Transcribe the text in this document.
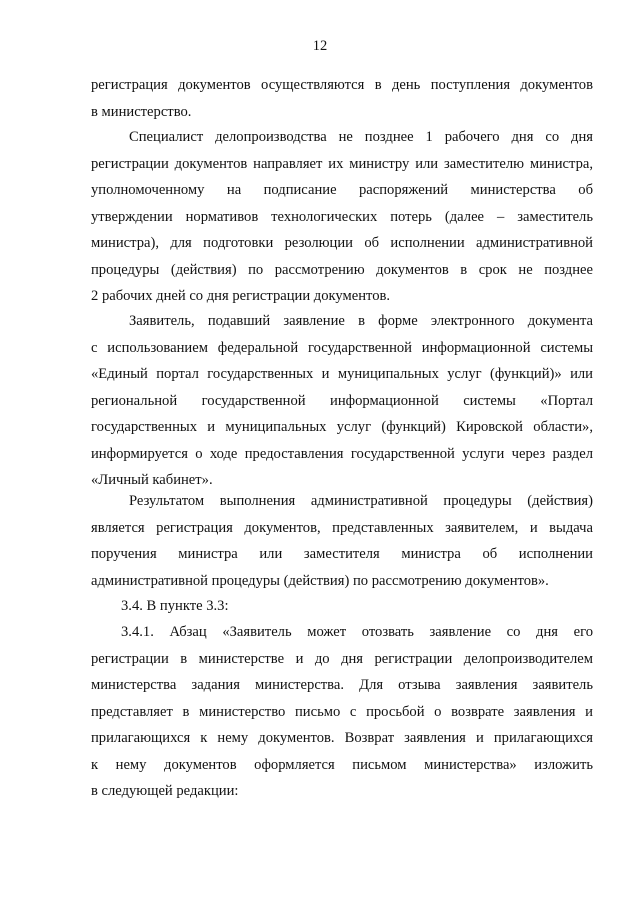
12
регистрация документов осуществляются в день поступления документов
в министерство.
Специалист делопроизводства не позднее 1 рабочего дня со дня
регистрации документов направляет их министру или заместителю министра,
уполномоченному на подписание распоряжений министерства об
утверждении нормативов технологических потерь (далее – заместитель
министра), для подготовки резолюции об исполнении административной
процедуры (действия) по рассмотрению документов в срок не позднее
2 рабочих дней со дня регистрации документов.
Заявитель, подавший заявление в форме электронного документа
с использованием федеральной государственной информационной системы
«Единый портал государственных и муниципальных услуг (функций)» или
региональной государственной информационной системы «Портал
государственных и муниципальных услуг (функций) Кировской области»,
информируется о ходе предоставления государственной услуги через раздел
«Личный кабинет».
Результатом выполнения административной процедуры (действия)
является регистрация документов, представленных заявителем, и выдача
поручения министра или заместителя министра об исполнении
административной процедуры (действия) по рассмотрению документов».
3.4. В пункте 3.3:
3.4.1. Абзац «Заявитель может отозвать заявление со дня его
регистрации в министерстве и до дня регистрации делопроизводителем
министерства задания министерства. Для отзыва заявления заявитель
представляет в министерство письмо с просьбой о возврате заявления и
прилагающихся к нему документов. Возврат заявления и прилагающихся
к нему документов оформляется письмом министерства» изложить
в следующей редакции:
